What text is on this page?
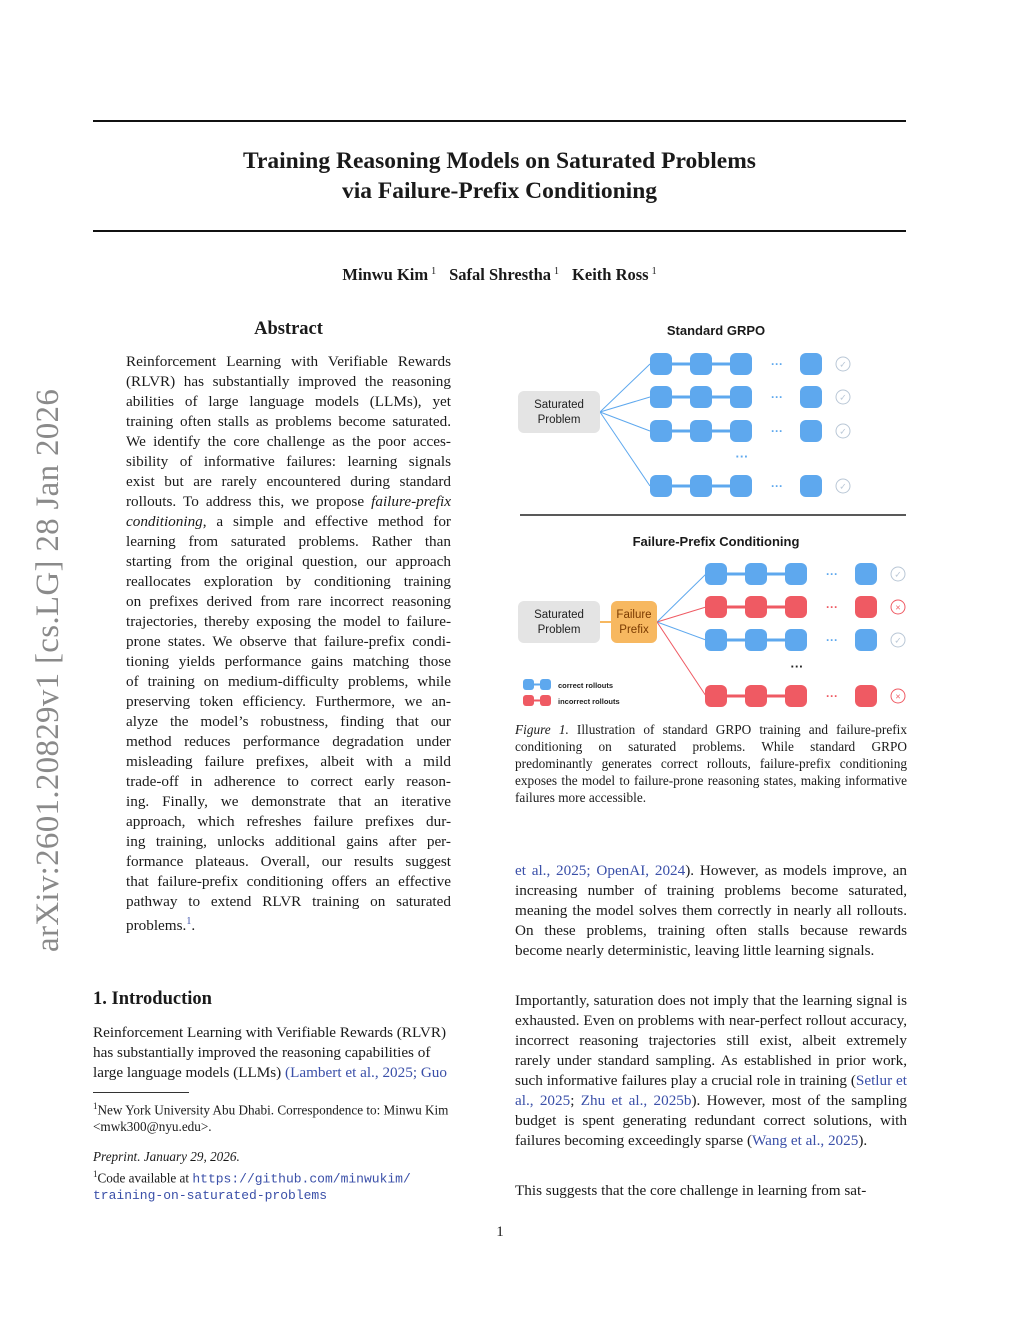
arXiv:2601.20829v1 [cs.LG] 28 Jan 2026
Training Reasoning Models on Saturated Problems
via Failure-Prefix Conditioning
Minwu Kim $^1$ Safal Shrestha $^1$ Keith Ross $^1$
Abstract
Reinforcement Learning with Verifiable Rewards
(RLVR) has substantially improved the reasoning
abilities of large language models (LLMs), yet
training often stalls as problems become saturated.
We identify the core challenge as the poor acces-
sibility of informative failures: learning signals
exist but are rarely encountered during standard
rollouts. To address this, we propose failure-prefix
conditioning, a simple and effective method for
learning from saturated problems. Rather than
starting from the original question, our approach
reallocates exploration by conditioning training
on prefixes derived from rare incorrect reasoning
trajectories, thereby exposing the model to failure-
prone states. We observe that failure-prefix condi-
tioning yields performance gains matching those
of training on medium-difficulty problems, while
preserving token efficiency. Furthermore, we an-
alyze the model’s robustness, finding that our
method reduces performance degradation under
misleading failure prefixes, albeit with a mild
trade-off in adherence to correct early reason-
ing. Finally, we demonstrate that an iterative
approach, which refreshes failure prefixes dur-
ing training, unlocks additional gains after per-
formance plateaus. Overall, our results suggest
that failure-prefix conditioning offers an effective
pathway to extend RLVR training on saturated
problems.$^1$.
1. Introduction
Reinforcement Learning with Verifiable Rewards (RLVR)
has substantially improved the reasoning capabilities of
large language models (LLMs) (Lambert et al., 2025; Guo
$^1$New York University Abu Dhabi. Correspondence to: Minwu Kim <mwk300@nyu.edu>.
Preprint. January 29, 2026.
$^1$Code available at https://github.com/minwukim/
training-on-saturated-problems
Standard GRPO
Saturated
Problem
···	✓
···	✓
···	✓
···	✓
···
Failure-Prefix Conditioning
Saturated
Problem
Failure
Prefix
···	✓
···	×
···	✓
···	×
···
correct rollouts
incorrect rollouts
Figure 1. Illustration of standard GRPO training and failure-prefix conditioning on saturated problems. While standard GRPO predominantly generates correct rollouts, failure-prefix conditioning exposes the model to failure-prone reasoning states, making informative failures more accessible.
et al., 2025; OpenAI, 2024). However, as models improve, an increasing number of training problems become saturated, meaning the model solves them correctly in nearly all rollouts. On these problems, training often stalls because rewards become nearly deterministic, leaving little learning signals.
Importantly, saturation does not imply that the learning signal is exhausted. Even on problems with near-perfect rollout accuracy, incorrect reasoning trajectories still exist, albeit extremely rarely under standard sampling. As established in prior work, such informative failures play a crucial role in training (Setlur et al., 2025; Zhu et al., 2025b). However, most of the sampling budget is spent generating redundant correct solutions, with failures becoming exceedingly sparse (Wang et al., 2025).
This suggests that the core challenge in learning from sat-
1
